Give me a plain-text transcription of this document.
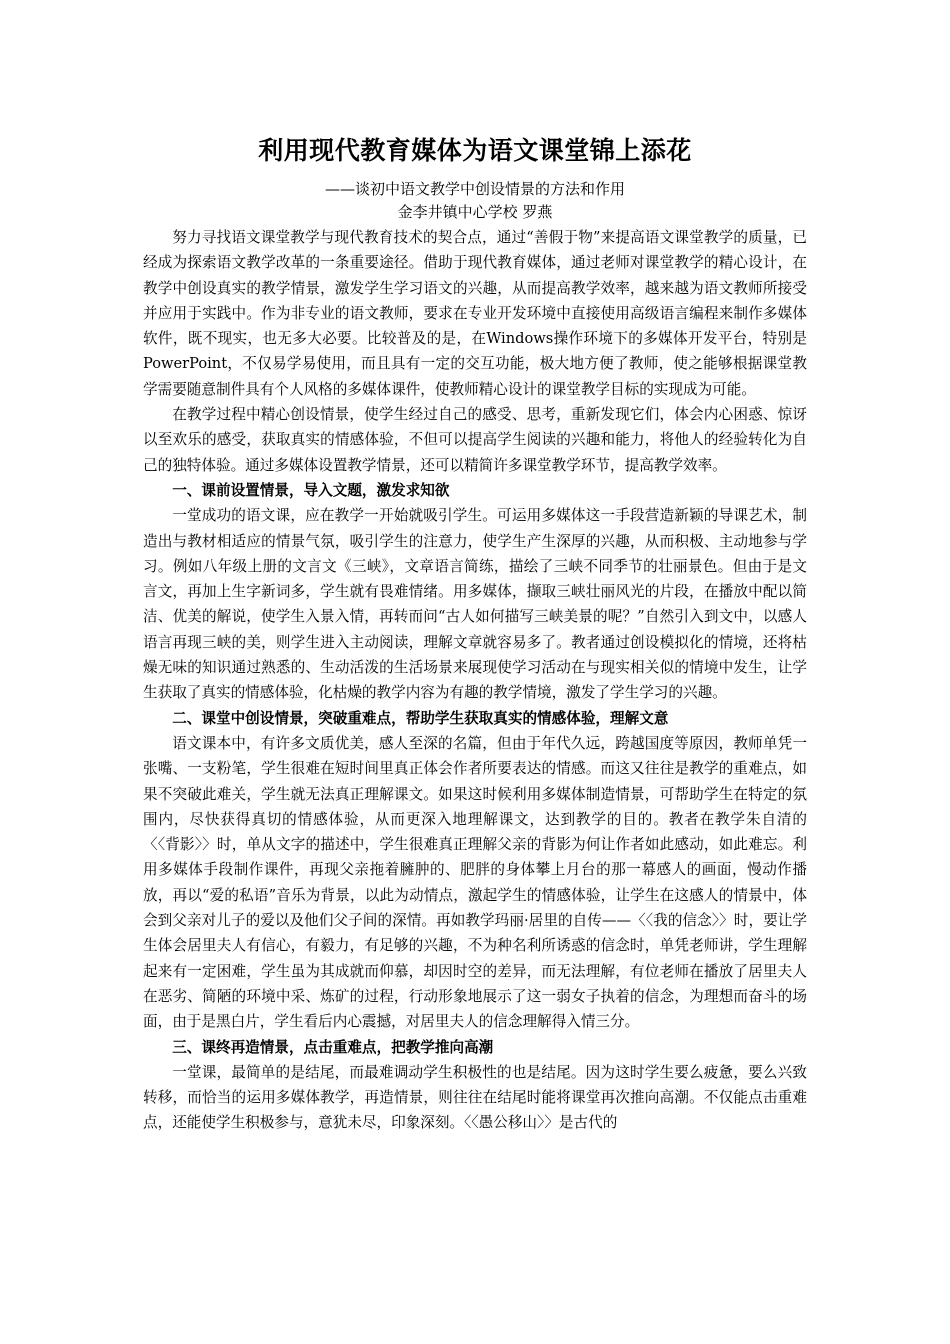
利用现代教育媒体为语文课堂锦上添花
——谈初中语文教学中创设情景的方法和作用
金李井镇中心学校 罗燕

努力寻找语文课堂教学与现代教育技术的契合点，通过“善假于物”来提高语文课堂教学的质量，已经成为探索语文教学改革的一条重要途径。借助于现代教育媒体，通过老师对课堂教学的精心设计，在教学中创设真实的教学情景，激发学生学习语文的兴趣，从而提高教学效率，越来越为语文教师所接受并应用于实践中。作为非专业的语文教师，要求在专业开发环境中直接使用高级语言编程来制作多媒体软件，既不现实，也无多大必要。比较普及的是，在Windows操作环境下的多媒体开发平台，特别是PowerPoint，不仅易学易使用，而且具有一定的交互功能，极大地方便了教师，使之能够根据课堂教学需要随意制件具有个人风格的多媒体课件，使教师精心设计的课堂教学目标的实现成为可能。

在教学过程中精心创设情景，使学生经过自己的感受、思考，重新发现它们，体会内心困惑、惊讶以至欢乐的感受，获取真实的情感体验，不但可以提高学生阅读的兴趣和能力，将他人的经验转化为自己的独特体验。通过多媒体设置教学情景，还可以精简许多课堂教学环节，提高教学效率。

一、课前设置情景，导入文题，激发求知欲

一堂成功的语文课，应在教学一开始就吸引学生。可运用多媒体这一手段营造新颖的导课艺术，制造出与教材相适应的情景气氛，吸引学生的注意力，使学生产生深厚的兴趣，从而积极、主动地参与学习。例如八年级上册的文言文《三峡》，文章语言简练，描绘了三峡不同季节的壮丽景色。但由于是文言文，再加上生字新词多，学生就有畏难情绪。用多媒体，撷取三峡壮丽风光的片段，在播放中配以简洁、优美的解说，使学生入景入情，再转而问“古人如何描写三峡美景的呢？”自然引入到文中，以感人语言再现三峡的美，则学生进入主动阅读，理解文章就容易多了。教者通过创设模拟化的情境，还将枯燥无味的知识通过熟悉的、生动活泼的生活场景来展现使学习活动在与现实相关似的情境中发生，让学生获取了真实的情感体验，化枯燥的教学内容为有趣的教学情境，激发了学生学习的兴趣。

二、课堂中创设情景，突破重难点，帮助学生获取真实的情感体验，理解文意

语文课本中，有许多文质优美，感人至深的名篇，但由于年代久远，跨越国度等原因，教师单凭一张嘴、一支粉笔，学生很难在短时间里真正体会作者所要表达的情感。而这又往往是教学的重难点，如果不突破此难关，学生就无法真正理解课文。如果这时候利用多媒体制造情景，可帮助学生在特定的氛围内，尽快获得真切的情感体验，从而更深入地理解课文，达到教学的目的。教者在教学朱自清的〈〈背影〉〉时，单从文字的描述中，学生很难真正理解父亲的背影为何让作者如此感动，如此难忘。利用多媒体手段制作课件，再现父亲拖着臃肿的、肥胖的身体攀上月台的那一幕感人的画面，慢动作播放，再以“爱的私语”音乐为背景，以此为动情点，激起学生的情感体验，让学生在这感人的情景中，体会到父亲对儿子的爱以及他们父子间的深情。再如教学玛丽·居里的自传——〈〈我的信念〉〉时，要让学生体会居里夫人有信心，有毅力，有足够的兴趣，不为种名利所诱惑的信念时，单凭老师讲，学生理解起来有一定困难，学生虽为其成就而仰慕，却因时空的差异，而无法理解，有位老师在播放了居里夫人在恶劣、简陋的环境中采、炼矿的过程，行动形象地展示了这一弱女子执着的信念，为理想而奋斗的场面，由于是黑白片，学生看后内心震撼，对居里夫人的信念理解得入情三分。

三、课终再造情景，点击重难点，把教学推向高潮

一堂课，最简单的是结尾，而最难调动学生积极性的也是结尾。因为这时学生要么疲惫，要么兴致转移，而恰当的运用多媒体教学，再造情景，则往往在结尾时能将课堂再次推向高潮。不仅能点击重难点，还能使学生积极参与，意犹未尽，印象深刻。〈〈愚公移山〉〉是古代的
